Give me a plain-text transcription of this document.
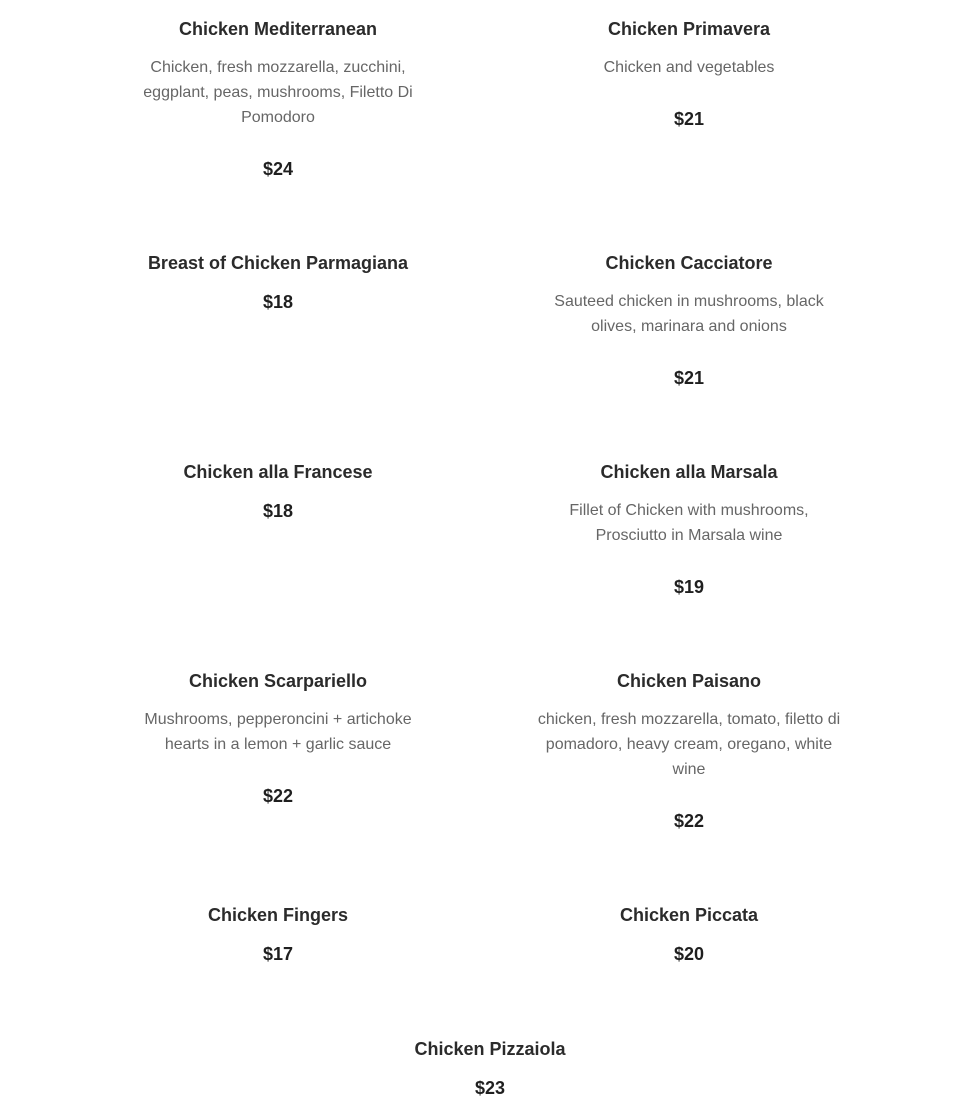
Chicken Mediterranean

Chicken, fresh mozzarella, zucchini, eggplant, peas, mushrooms, Filetto Di Pomodoro

$24
Chicken Primavera

Chicken and vegetables

$21
Breast of Chicken Parmagiana
$18
Chicken Cacciatore

Sauteed chicken in mushrooms, black olives, marinara and onions

$21
Chicken alla Francese
$18
Chicken alla Marsala

Fillet of Chicken with mushrooms, Prosciutto in Marsala wine

$19
Chicken Scarpariello

Mushrooms, pepperoncini + artichoke hearts in a lemon + garlic sauce

$22
Chicken Paisano

chicken, fresh mozzarella, tomato, filetto di pomadoro, heavy cream, oregano, white wine

$22
Chicken Fingers
$17
Chicken Piccata
$20
Chicken Pizzaiola
$23
